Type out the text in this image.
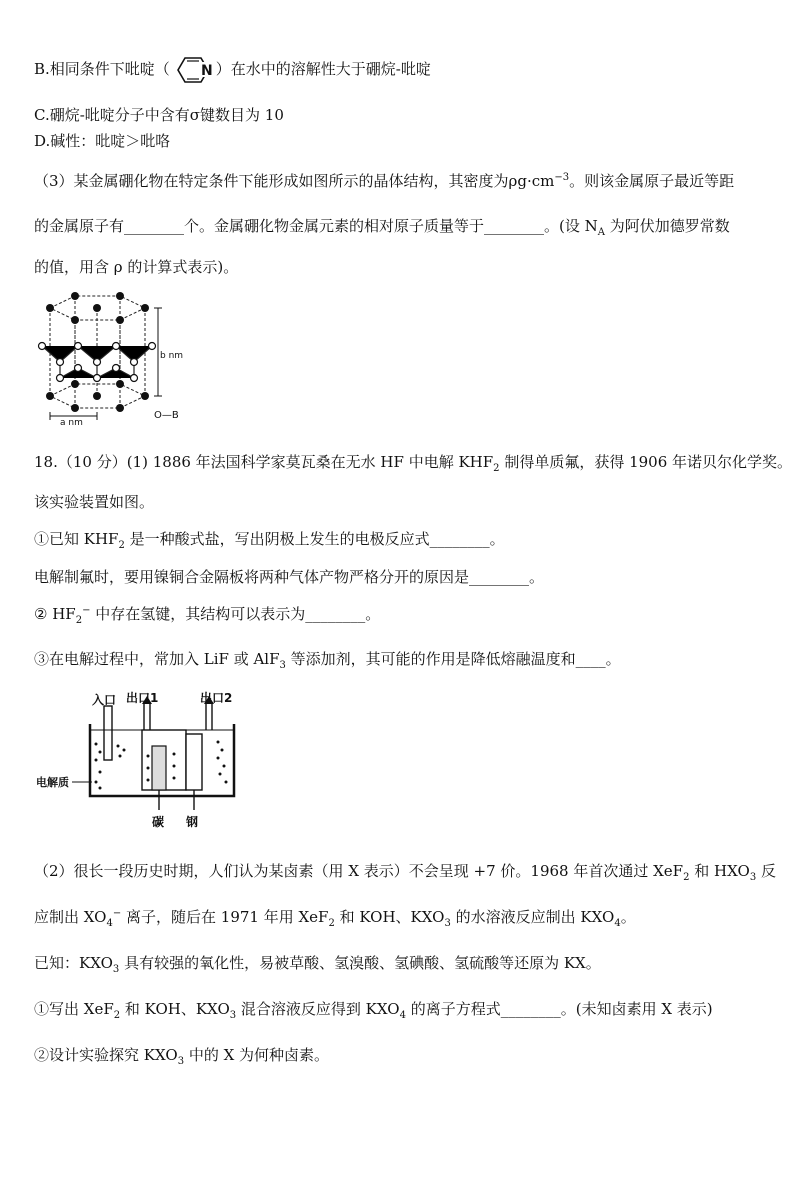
B.相同条件下吡啶（ N ）在水中的溶解性大于硼烷-吡啶
C.硼烷-吡啶分子中含有σ键数目为 10
D.碱性：吡啶＞吡咯
（3）某金属硼化物在特定条件下能形成如图所示的晶体结构，其密度为$\rho g\cdot cm^{-3}$。则该金属原子最近等距
的金属原子有________个。金属硼化物金属元素的相对原子质量等于________。(设 $N_A$ 为阿伏加德罗常数
的值，用含 ρ 的计算式表示)。
b nm
a nm
O—B
18.（10 分）(1) 1886 年法国科学家莫瓦桑在无水 HF 中电解 $KHF_2$ 制得单质氟，获得 1906 年诺贝尔化学奖。
该实验装置如图。
①已知 $KHF_2$ 是一种酸式盐，写出阴极上发生的电极反应式________。
电解制氟时，要用镍铜合金隔板将两种气体产物严格分开的原因是________。
② $HF_2^-$ 中存在氢键，其结构可以表示为________。
③在电解过程中，常加入 LiF 或 AlF$_3$ 等添加剂，其可能的作用是降低熔融温度和____。
入口 出口1	出口2
电解质
碳 钢
（2）很长一段历史时期，人们认为某卤素（用 X 表示）不会呈现 +7 价。1968 年首次通过 XeF$_2$ 和 $HXO_3$ 反
应制出 $XO_4^-$ 离子，随后在 1971 年用 XeF$_2$ 和 KOH、$KXO_3$ 的水溶液反应制出 $KXO_4$。
已知：$KXO_3$ 具有较强的氧化性，易被草酸、氢溴酸、氢碘酸、氢硫酸等还原为 KX。
①写出 XeF$_2$ 和 KOH、$KXO_3$ 混合溶液反应得到 $KXO_4$ 的离子方程式________。(未知卤素用 X 表示)
②设计实验探究 $KXO_3$ 中的 X 为何种卤素。
